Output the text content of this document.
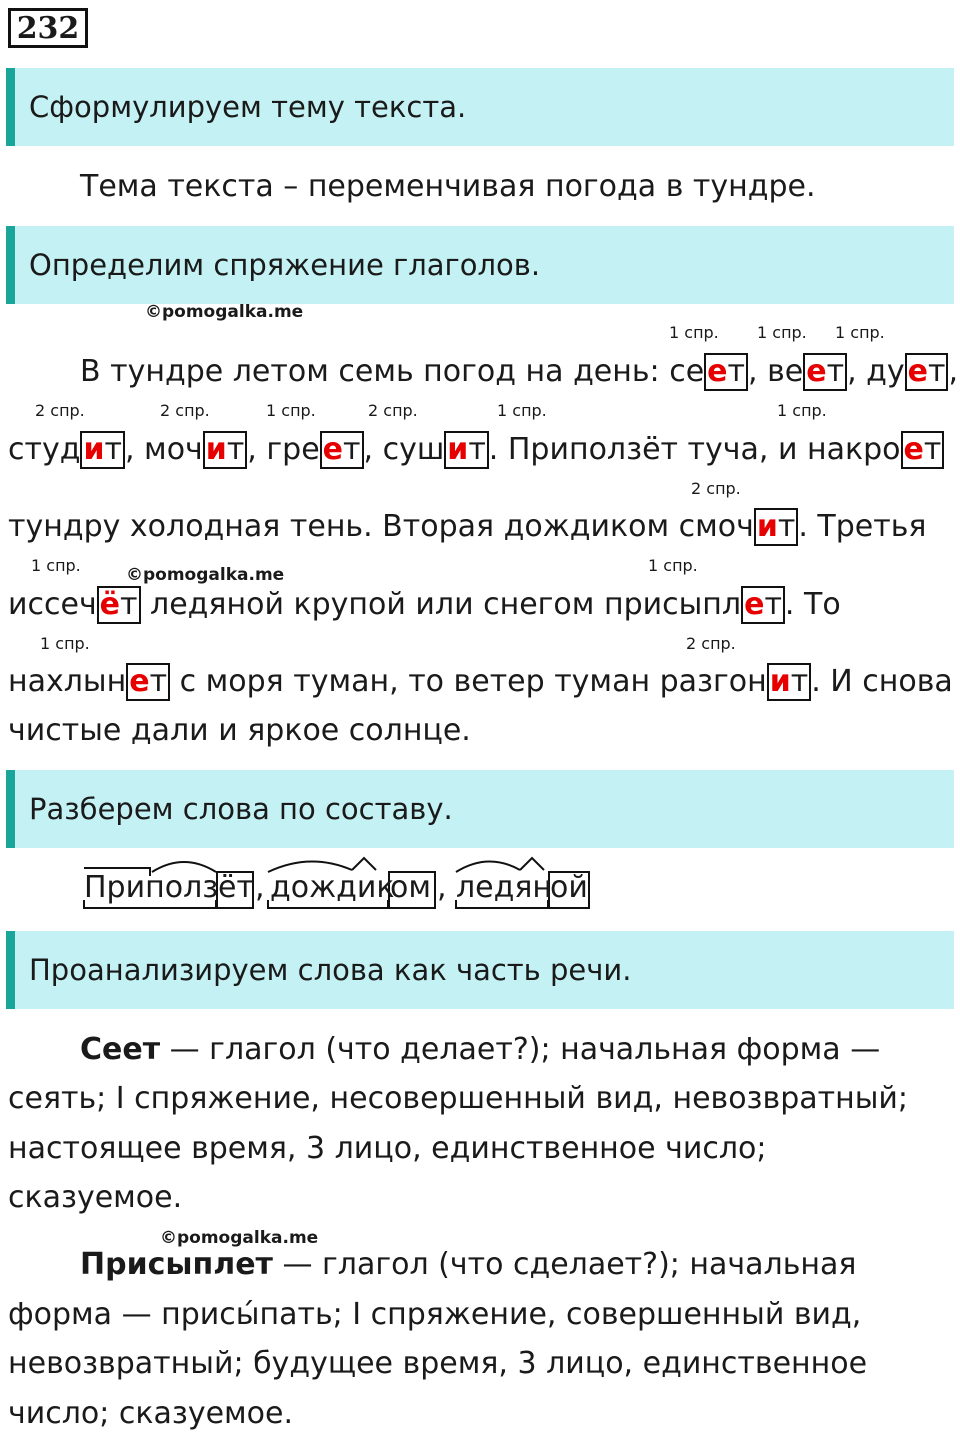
232
Сформулируем тему текста.
Тема текста – переменчивая погода в тундре.
Определим спряжение глаголов.
©pomogalka.me
1 спр. 1 спр. 1 спр.
В тундре летом семь погод на день: се ет , ве ет , ду ет ,
2 спр.	2 спр.	1 спр.	2 спр.	1 спр.	1 спр.
студ ит , моч ит , гре ет , суш ит . Приползёт туча, и накро ет
2 спр.
тундру холодная тень. Вторая дождиком смоч ит . Третья
1 спр.	©pomogalka.me	1 спр.
иссеч ёт ледяной крупой или снегом присыпл ет . То
1 спр.	2 спр.
нахлын ет с моря туман, то ветер туман разгон ит . И снова
чистые дали и яркое солнце.
Разберем слова по составу.
Приполз ёт , дождик
ом , ледян
ой
Проанализируем слова как часть речи.
Сеет — глагол (что делает?); начальная форма —
сеять; I спряжение, несовершенный вид, невозвратный;
настоящее время, 3 лицо, единственное число;
сказуемое.
©pomogalka.me
Присыплет — глагол (что сделает?); начальная
форма — присы́пать; I спряжение, совершенный вид,
невозвратный; будущее время, 3 лицо, единственное
число; сказуемое.
